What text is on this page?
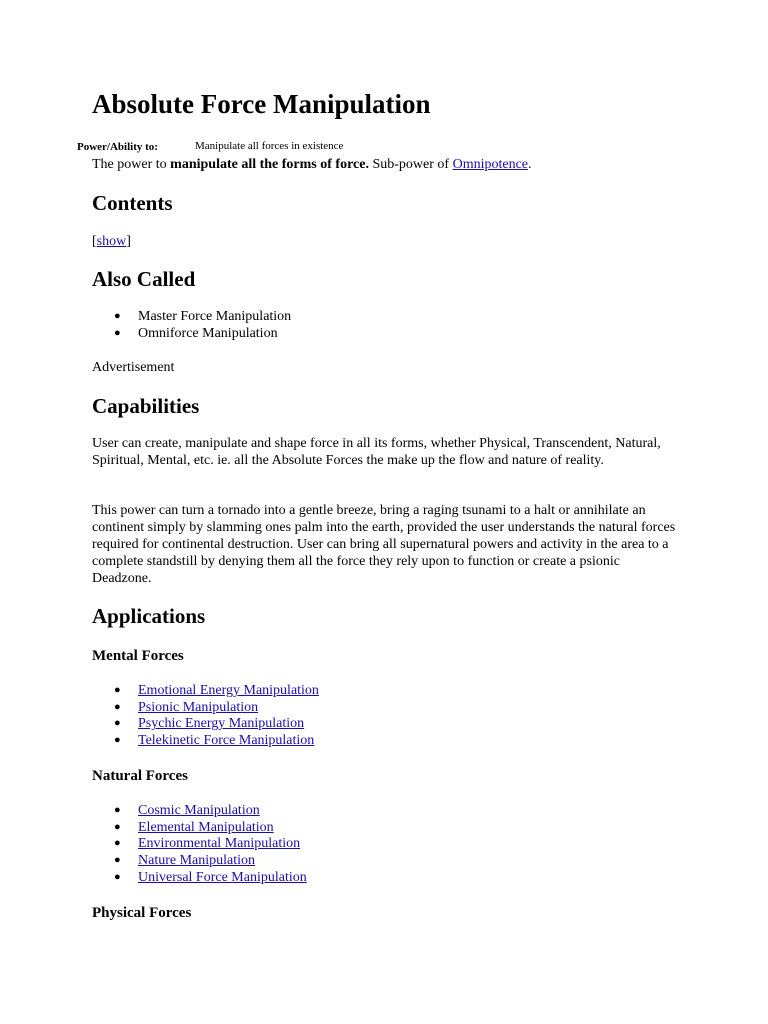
Absolute Force Manipulation
Power/Ability to:	Manipulate all forces in existence

The power to manipulate all the forms of force. Sub-power of Omnipotence.

Contents
[show]
Also Called
● Master Force Manipulation
● Omniforce Manipulation
Advertisement
Capabilities

User can create, manipulate and shape force in all its forms, whether Physical, Transcendent, Natural, Spiritual, Mental, etc. ie. all the Absolute Forces the make up the flow and nature of reality.

This power can turn a tornado into a gentle breeze, bring a raging tsunami to a halt or annihilate an continent simply by slamming ones palm into the earth, provided the user understands the natural forces required for continental destruction. User can bring all supernatural powers and activity in the area to a complete standstill by denying them all the force they rely upon to function or create a psionic Deadzone.

Applications
Mental Forces
● Emotional Energy Manipulation
● Psionic Manipulation
● Psychic Energy Manipulation
● Telekinetic Force Manipulation
Natural Forces
● Cosmic Manipulation
● Elemental Manipulation
● Environmental Manipulation
● Nature Manipulation
● Universal Force Manipulation
Physical Forces
